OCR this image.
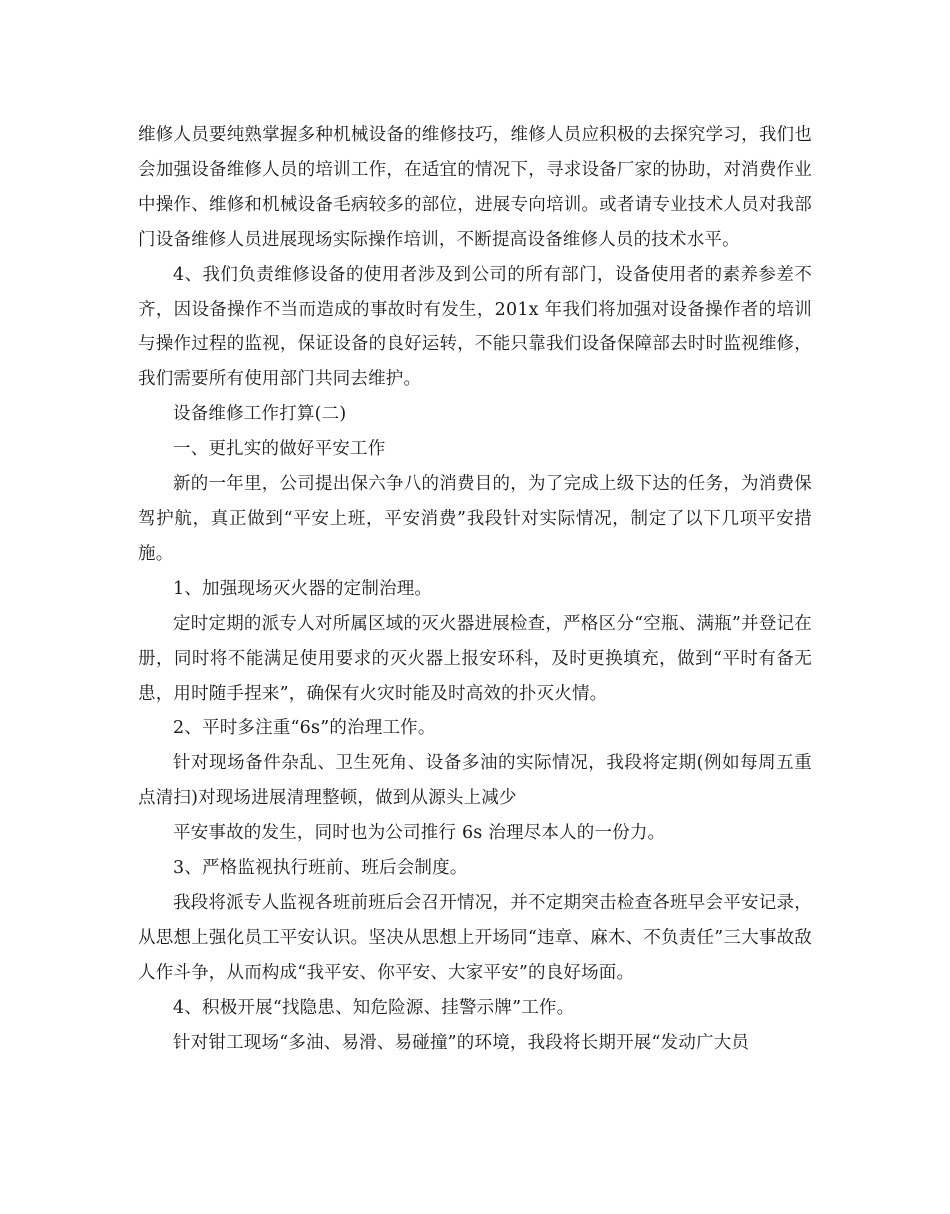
维修人员要纯熟掌握多种机械设备的维修技巧，维修人员应积极的去探究学习，我们也会加强设备维修人员的培训工作，在适宜的情况下，寻求设备厂家的协助，对消费作业中操作、维修和机械设备毛病较多的部位，进展专向培训。或者请专业技术人员对我部门设备维修人员进展现场实际操作培训，不断提高设备维修人员的技术水平。

4、我们负责维修设备的使用者涉及到公司的所有部门，设备使用者的素养参差不齐，因设备操作不当而造成的事故时有发生，201x 年我们将加强对设备操作者的培训与操作过程的监视，保证设备的良好运转，不能只靠我们设备保障部去时时监视维修，我们需要所有使用部门共同去维护。

设备维修工作打算(二)

一、更扎实的做好平安工作

新的一年里，公司提出保六争八的消费目的，为了完成上级下达的任务，为消费保驾护航，真正做到“平安上班，平安消费”我段针对实际情况，制定了以下几项平安措施。

1、加强现场灭火器的定制治理。

定时定期的派专人对所属区域的灭火器进展检查，严格区分“空瓶、满瓶”并登记在册，同时将不能满足使用要求的灭火器上报安环科，及时更换填充，做到“平时有备无患，用时随手捏来”，确保有火灾时能及时高效的扑灭火情。

2、平时多注重“6s”的治理工作。

针对现场备件杂乱、卫生死角、设备多油的实际情况，我段将定期(例如每周五重点清扫)对现场进展清理整顿，做到从源头上减少

平安事故的发生，同时也为公司推行 6s 治理尽本人的一份力。

3、严格监视执行班前、班后会制度。

我段将派专人监视各班前班后会召开情况，并不定期突击检查各班早会平安记录，从思想上强化员工平安认识。坚决从思想上开场同“违章、麻木、不负责任”三大事故敌人作斗争，从而构成“我平安、你平安、大家平安”的良好场面。

4、积极开展“找隐患、知危险源、挂警示牌”工作。

针对钳工现场“多油、易滑、易碰撞”的环境，我段将长期开展“发动广大员
